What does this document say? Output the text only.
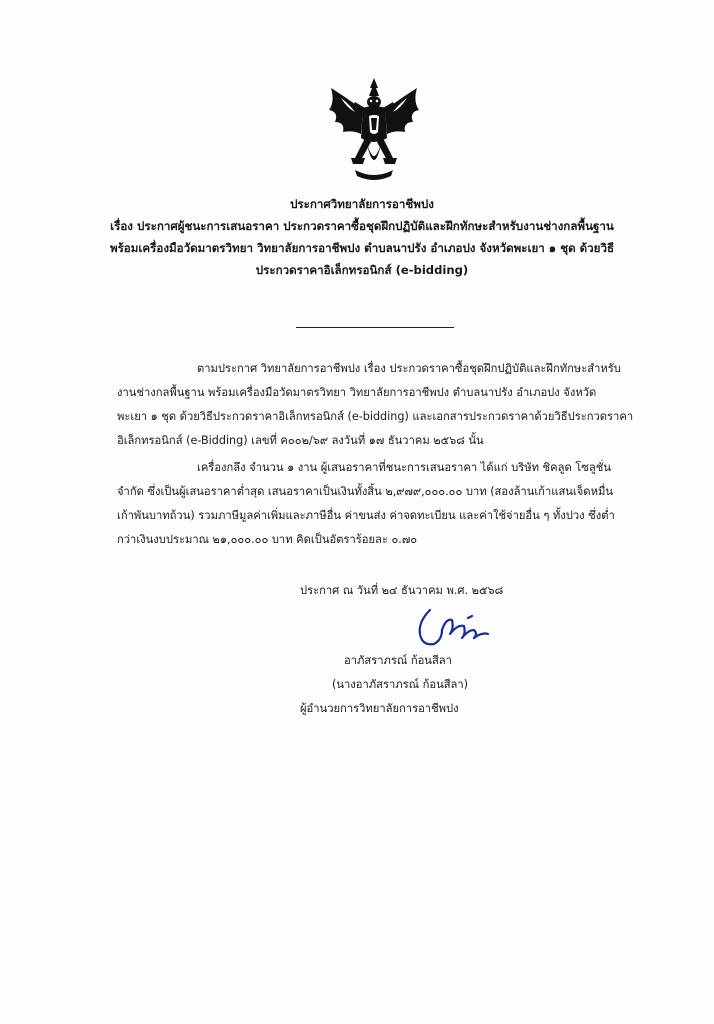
ประกาศวิทยาลัยการอาชีพปง
เรื่อง ประกาศผู้ชนะการเสนอราคา ประกวดราคาซื้อชุดฝึกปฏิบัติและฝึกทักษะสำหรับงานช่างกลพื้นฐาน
พร้อมเครื่องมือวัดมาตรวิทยา วิทยาลัยการอาชีพปง ตำบลนาปรัง อำเภอปง จังหวัดพะเยา ๑ ชุด ด้วยวิธี
ประกวดราคาอิเล็กทรอนิกส์ (e-bidding)
ตามประกาศ วิทยาลัยการอาชีพปง เรื่อง ประกวดราคาซื้อชุดฝึกปฏิบัติและฝึกทักษะสำหรับ
งานช่างกลพื้นฐาน พร้อมเครื่องมือวัดมาตรวิทยา วิทยาลัยการอาชีพปง ตำบลนาปรัง อำเภอปง จังหวัด
พะเยา ๑ ชุด ด้วยวิธีประกวดราคาอิเล็กทรอนิกส์ (e-bidding) และเอกสารประกวดราคาด้วยวิธีประกวดราคา
อิเล็กทรอนิกส์ (e-Bidding) เลขที่ ค๐๐๒/๖๙ ลงวันที่ ๑๗ ธันวาคม ๒๕๖๘ นั้น
เครื่องกลึง จำนวน ๑ งาน ผู้เสนอราคาที่ชนะการเสนอราคา ได้แก่ บริษัท ชิคลูด โซลูชั่น
จำกัด ซึ่งเป็นผู้เสนอราคาต่ำสุด เสนอราคาเป็นเงินทั้งสิ้น ๒,๙๗๙,๐๐๐.๐๐ บาท (สองล้านเก้าแสนเจ็ดหมื่น
เก้าพันบาทถ้วน) รวมภาษีมูลค่าเพิ่มและภาษีอื่น ค่าขนส่ง ค่าจดทะเบียน และค่าใช้จ่ายอื่น ๆ ทั้งปวง ซึ่งต่ำ
กว่าเงินงบประมาณ ๒๑,๐๐๐.๐๐ บาท คิดเป็นอัตราร้อยละ ๐.๗๐
ประกาศ ณ วันที่ ๒๔ ธันวาคม พ.ศ. ๒๕๖๘
อาภัสราภรณ์ ก้อนสีลา
(นางอาภัสราภรณ์ ก้อนสีลา)
ผู้อำนวยการวิทยาลัยการอาชีพปง
